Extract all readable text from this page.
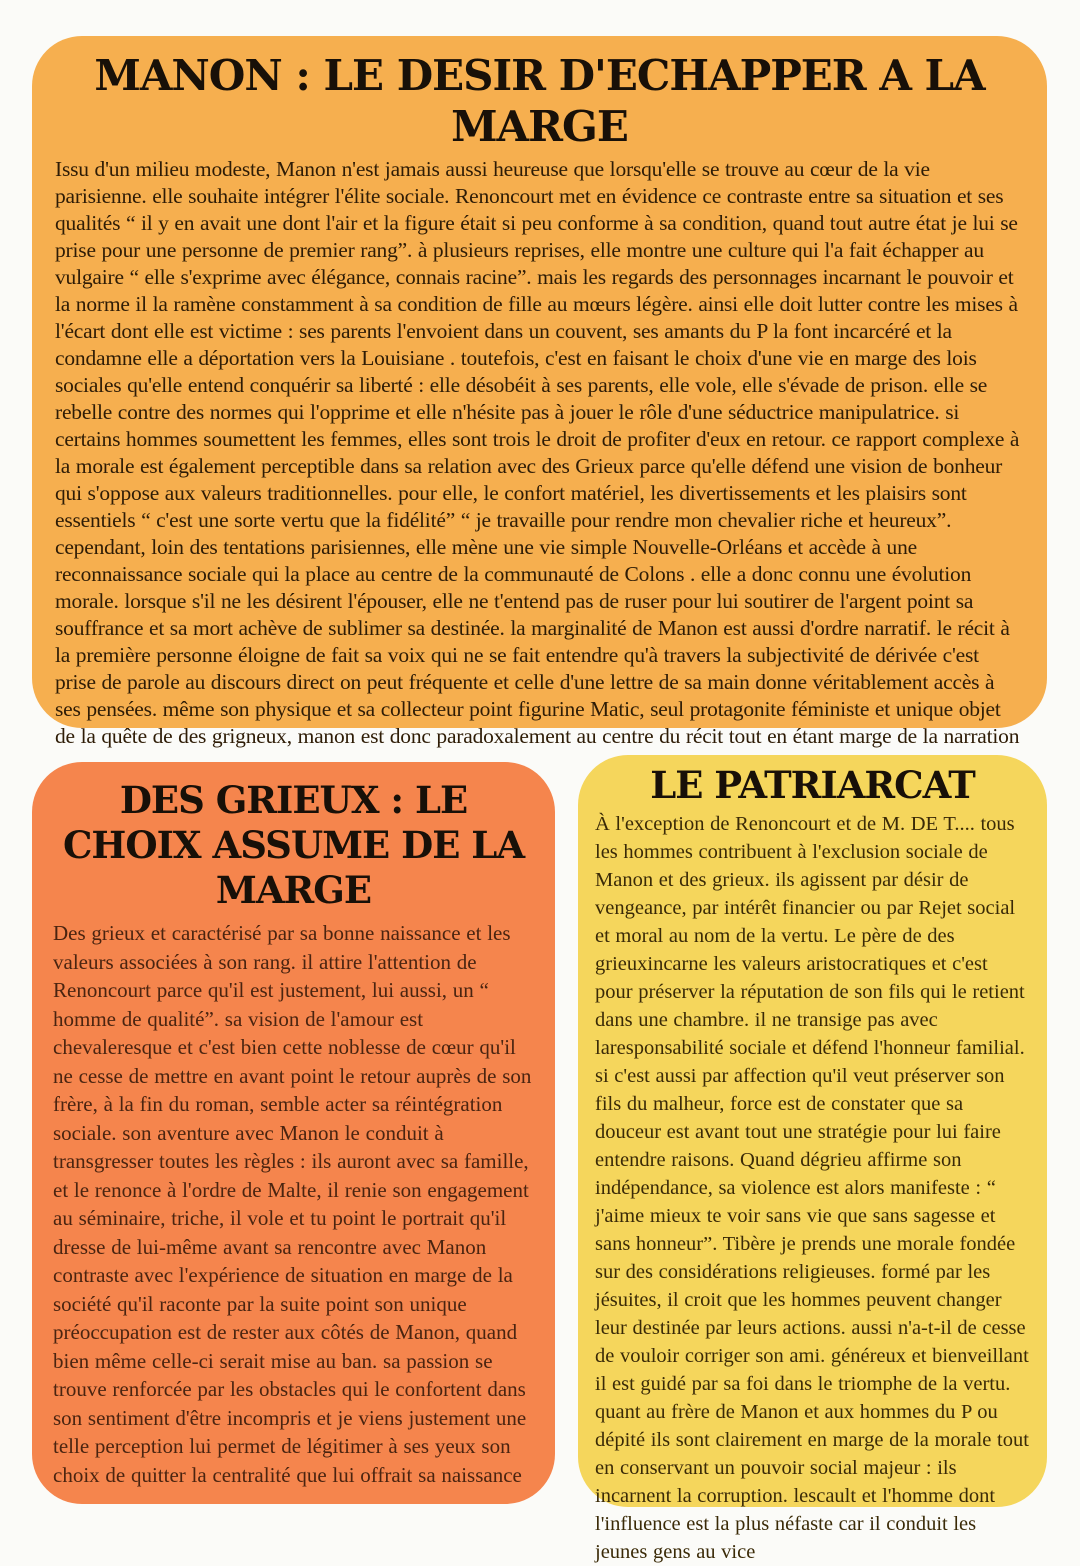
MANON : LE DESIR D'ECHAPPER A LA MARGE
Issu d'un milieu modeste, Manon n'est jamais aussi heureuse que lorsqu'elle se trouve au cœur de la vie parisienne. elle souhaite intégrer l'élite sociale. Renoncourt met en évidence ce contraste entre sa situation et ses qualités “ il y en avait une dont l'air et la figure était si peu conforme à sa condition, quand tout autre état je lui se prise pour une personne de premier rang”. à plusieurs reprises, elle montre une culture qui l'a fait échapper au vulgaire “ elle s'exprime avec élégance, connais racine”. mais les regards des personnages incarnant le pouvoir et la norme il la ramène constamment à sa condition de fille au mœurs légère. ainsi elle doit lutter contre les mises à l'écart dont elle est victime : ses parents l'envoient dans un couvent, ses amants du P la font incarcéré et la condamne elle a déportation vers la Louisiane . toutefois, c'est en faisant le choix d'une vie en marge des lois sociales qu'elle entend conquérir sa liberté : elle désobéit à ses parents, elle vole, elle s'évade de prison. elle se rebelle contre des normes qui l'opprime et elle n'hésite pas à jouer le rôle d'une séductrice manipulatrice. si certains hommes soumettent les femmes, elles sont trois le droit de profiter d'eux en retour. ce rapport complexe à la morale est également perceptible dans sa relation avec des Grieux parce qu'elle défend une vision de bonheur qui s'oppose aux valeurs traditionnelles. pour elle, le confort matériel, les divertissements et les plaisirs sont essentiels “ c'est une sorte vertu que la fidélité” “ je travaille pour rendre mon chevalier riche et heureux”. cependant, loin des tentations parisiennes, elle mène une vie simple Nouvelle-Orléans et accède à une reconnaissance sociale qui la place au centre de la communauté de Colons . elle a donc connu une évolution morale. lorsque s'il ne les désirent l'épouser, elle ne t'entend pas de ruser pour lui soutirer de l'argent point sa souffrance et sa mort achève de sublimer sa destinée. la marginalité de Manon est aussi d'ordre narratif. le récit à la première personne éloigne de fait sa voix qui ne se fait entendre qu'à travers la subjectivité de dérivée c'est prise de parole au discours direct on peut fréquente et celle d'une lettre de sa main donne véritablement accès à ses pensées. même son physique et sa collecteur point figurine Matic, seul protagonite féministe et unique objet de la quête de des grigneux, manon est donc paradoxalement au centre du récit tout en étant marge de la narration
DES GRIEUX : LE CHOIX ASSUME DE LA MARGE
Des grieux et caractérisé par sa bonne naissance et les valeurs associées à son rang. il attire l'attention de Renoncourt parce qu'il est justement, lui aussi, un “ homme de qualité”. sa vision de l'amour est chevaleresque et c'est bien cette noblesse de cœur qu'il ne cesse de mettre en avant point le retour auprès de son frère, à la fin du roman, semble acter sa réintégration sociale. son aventure avec Manon le conduit à transgresser toutes les règles : ils auront avec sa famille, et le renonce à l'ordre de Malte, il renie son engagement au séminaire, triche, il vole et tu point le portrait qu'il dresse de lui-même avant sa rencontre avec Manon contraste avec l'expérience de situation en marge de la société qu'il raconte par la suite point son unique préoccupation est de rester aux côtés de Manon, quand bien même celle-ci serait mise au ban. sa passion se trouve renforcée par les obstacles qui le confortent dans son sentiment d'être incompris et je viens justement une telle perception lui permet de légitimer à ses yeux son choix de quitter la centralité que lui offrait sa naissance
LE PATRIARCAT
À l'exception de Renoncourt et de M. DE T.... tous les hommes contribuent à l'exclusion sociale de Manon et des grieux. ils agissent par désir de vengeance, par intérêt financier ou par Rejet social et moral au nom de la vertu. Le père de des grieuxincarne les valeurs aristocratiques et c'est pour préserver la réputation de son fils qui le retient dans une chambre. il ne transige pas avec laresponsabilité sociale et défend l'honneur familial. si c'est aussi par affection qu'il veut préserver son fils du malheur, force est de constater que sa douceur est avant tout une stratégie pour lui faire entendre raisons. Quand dégrieu affirme son indépendance, sa violence est alors manifeste : “ j'aime mieux te voir sans vie que sans sagesse et sans honneur”. Tibère je prends une morale fondée sur des considérations religieuses. formé par les jésuites, il croit que les hommes peuvent changer leur destinée par leurs actions. aussi n'a-t-il de cesse de vouloir corriger son ami. généreux et bienveillant il est guidé par sa foi dans le triomphe de la vertu. quant au frère de Manon et aux hommes du P ou dépité ils sont clairement en marge de la morale tout en conservant un pouvoir social majeur : ils incarnent la corruption. lescault et l'homme dont l'influence est la plus néfaste car il conduit les jeunes gens au vice
